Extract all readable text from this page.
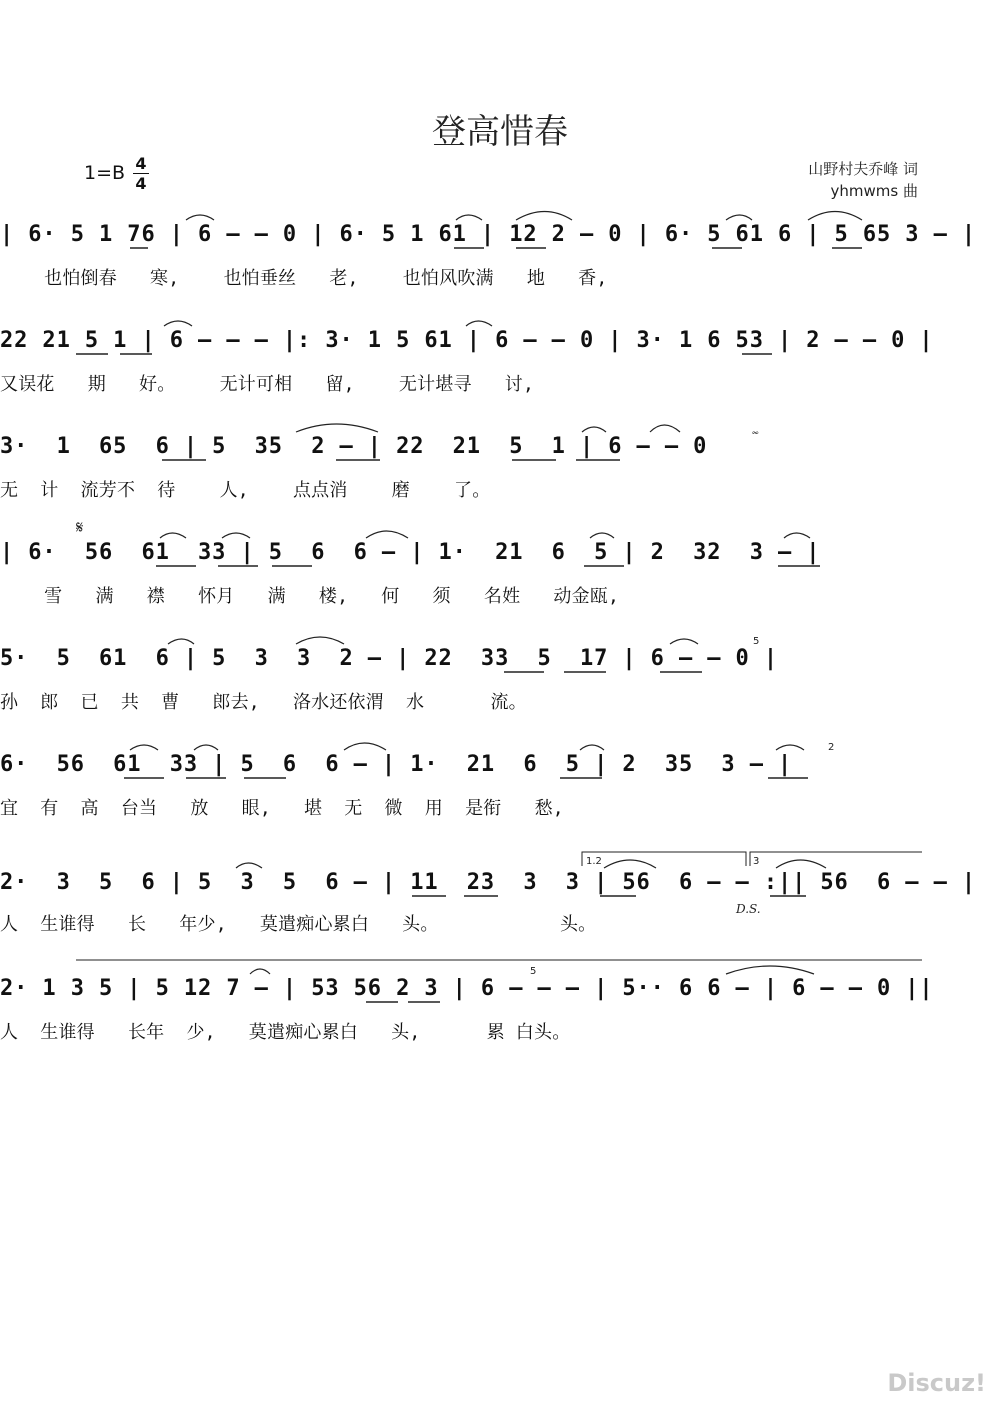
登高惜春
1=B 4
4
山野村夫乔峰 词
yhmwms 曲
| 6· 5 1 76 | 6 – – 0 | 6· 5 1 61 | 12 2 – 0 | 6· 5 61 6 | 5 65 3 – |
也怕倒春   寒,    也怕垂丝   老,    也怕风吹满   地   香,
22 21 5 1 | 6 – – – |: 3· 1 5 61 | 6 – – 0 | 3· 1 6 53 | 2 – – 0 |
又误花   期   好。    无计可相   留,    无计堪寻   讨,
3·  1  65  6 | 5  35  2 – | 22  21  5  1 | 6 – – 0
无  计  流芳不  待    人,    点点消    磨    了。
𝄋
| 6·  56  61  33 | 5  6  6 – | 1·  21  6  5 | 2  32  3 – |
雪   满   襟   怀月   满   楼,   何   须   名姓   动金瓯,
5·  5  61  6 | 5  3  3  2 – | 22  33  5  17 | 6 – – 0 |
孙  郎  已  共  曹   郎去,   洛水还依渭  水      流。
6·  56  61  33 | 5  6  6 – | 1·  21  6  5 | 2  35  3 – |
宜  有  高  台当   放   眼,   堪  无  微  用  是衔   愁,
1.2	3
2·  3  5  6 | 5  3  5  6 – | 11  23  3  3 | 56  6 – – :|| 56  6 – – |
D.S.
人  生谁得   长   年少,   莫遣痴心累白   头。           头。
2· 1 3 5 | 5 12 7 – | 53 56 2 3 | 6 – – – | 5·· 6 6 – | 6 – – 0 ||
人  生谁得   长年  少,   莫遣痴心累白   头,      累 白头。
5
2
5
𝆗
Discuz!
